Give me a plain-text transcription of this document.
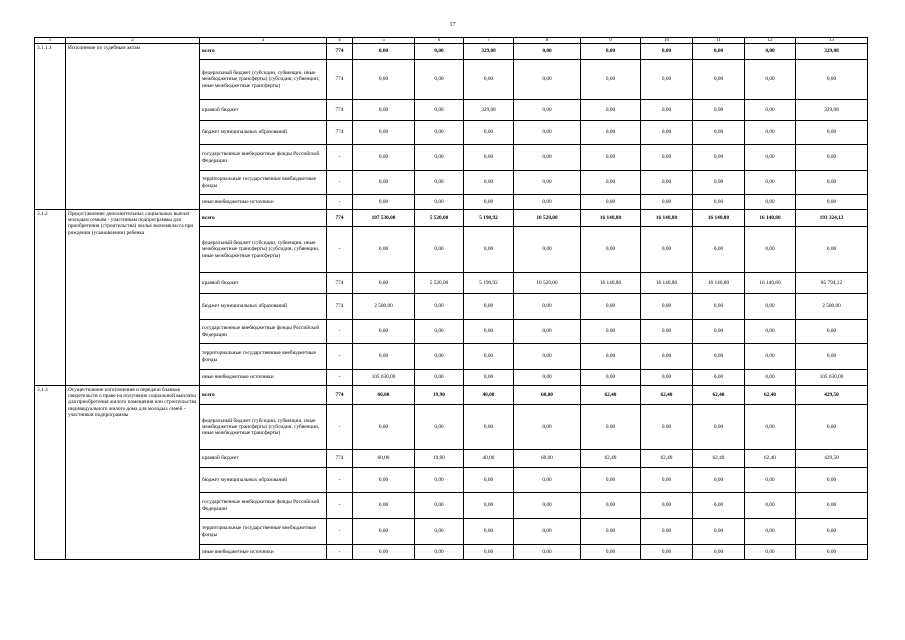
17
1	2	3	4	5	6	7	8	9	10	11	12	13
3.1.1.1	Исполнение по судебным актам	всего	774	0,00	0,00	329,08	0,00	0,00	0,00	0,00	0,00	329,08
		федеральный бюджет (субсидии, субвенции, иные межбюджетные трансферты) (субсидии, субвенции, иные межбюджетные трансферты)	774	0,00	0,00	0,00	0,00	0,00	0,00	0,00	0,00	0,00
		краевой бюджет	774	0,00	0,00	329,08	0,00	0,00	0,00	0,00	0,00	329,08
		бюджет муниципальных образований	774	0,00	0,00	0,00	0,00	0,00	0,00	0,00	0,00	0,00
		государственные внебюджетные фонды Российской Федерации	-	0,00	0,00	0,00	0,00	0,00	0,00	0,00	0,00	0,00
		территориальные государственные внебюджетные фонды	-	0,00	0,00	0,00	0,00	0,00	0,00	0,00	0,00	0,00
		иные внебюджетные источники	-	0,00	0,00	0,00	0,00	0,00	0,00	0,00	0,00	0,00
3.1.2	Предоставление дополнительных социальных выплат молодым семьям - участникам подпрограммы для приобретения (строительства) жилья экономкласса при рождении (усыновлении) ребенка	всего	774	107 530,00	5 520,00	5 190,92	10 520,00	16 140,80	16 140,80	16 140,80	16 140,80	193 324,12
		федеральный бюджет (субсидии, субвенции, иные межбюджетные трансферты) (субсидии, субвенции, иные межбюджетные трансферты)	-	0,00	0,00	0,00	0,00	0,00	0,00	0,00	0,00	0,00
		краевой бюджет	774	0,00	5 520,00	5 190,92	10 520,00	16 140,80	16 140,80	16 140,80	16 140,80	85 794,12
		бюджет муниципальных образований	774	2 500,00	0,00	0,00	0,00	0,00	0,00	0,00	0,00	2 500,00
		государственные внебюджетные фонды Российской Федерации	-	0,00	0,00	0,00	0,00	0,00	0,00	0,00	0,00	0,00
		территориальные государственные внебюджетные фонды	-	0,00	0,00	0,00	0,00	0,00	0,00	0,00	0,00	0,00
		иные внебюджетные источники	-	105 030,00	0,00	0,00	0,00	0,00	0,00	0,00	0,00	105 030,00
3.1.3	Осуществление изготовления и передачи бланков свидетельств о праве на получение социальной выплаты для приобретения жилого помещения или строительства индивидуального жилого дома для молодых семей - участников подпрограммы	всего	774	60,00	19,90	40,00	60,00	62,40	62,40	62,40	62,40	429,50
		федеральный бюджет (субсидии, субвенции, иные межбюджетные трансферты) (субсидии, субвенции, иные межбюджетные трансферты)	-	0,00	0,00	0,00	0,00	0,00	0,00	0,00	0,00	0,00
		краевой бюджет	774	60,00	19,90	40,00	60,00	62,40	62,40	62,40	62,40	429,50
		бюджет муниципальных образований	-	0,00	0,00	0,00	0,00	0,00	0,00	0,00	0,00	0,00
		государственные внебюджетные фонды Российской Федерации	-	0,00	0,00	0,00	0,00	0,00	0,00	0,00	0,00	0,00
		территориальные государственные внебюджетные фонды	-	0,00	0,00	0,00	0,00	0,00	0,00	0,00	0,00	0,00
		иные внебюджетные источники	-	0,00	0,00	0,00	0,00	0,00	0,00	0,00	0,00	0,00
